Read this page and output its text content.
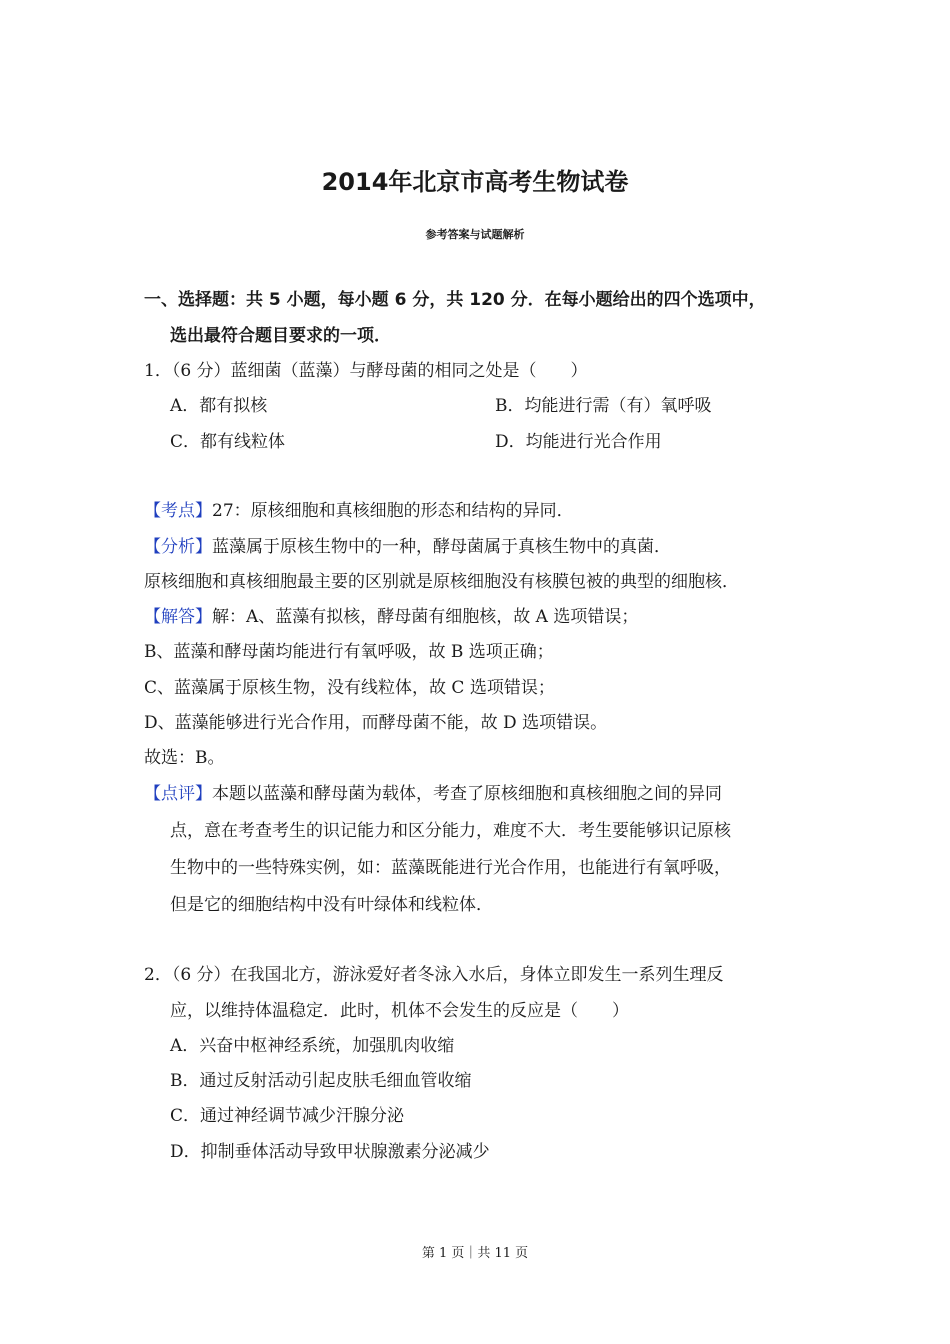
2014年北京市高考生物试卷
参考答案与试题解析
一、选择题：共 5 小题，每小题 6 分，共 120 分．在每小题给出的四个选项中，
选出最符合题目要求的一项．
1．（6 分）蓝细菌（蓝藻）与酵母菌的相同之处是（　　）
A．都有拟核	B．均能进行需（有）氧呼吸
C．都有线粒体	D．均能进行光合作用
【考点】27：原核细胞和真核细胞的形态和结构的异同．
【分析】蓝藻属于原核生物中的一种，酵母菌属于真核生物中的真菌．
原核细胞和真核细胞最主要的区别就是原核细胞没有核膜包被的典型的细胞核．
【解答】解：A、蓝藻有拟核，酵母菌有细胞核，故 A 选项错误；
B、蓝藻和酵母菌均能进行有氧呼吸，故 B 选项正确；
C、蓝藻属于原核生物，没有线粒体，故 C 选项错误；
D、蓝藻能够进行光合作用，而酵母菌不能，故 D 选项错误。
故选：B。
【点评】本题以蓝藻和酵母菌为载体，考查了原核细胞和真核细胞之间的异同
点，意在考查考生的识记能力和区分能力，难度不大．考生要能够识记原核
生物中的一些特殊实例，如：蓝藻既能进行光合作用，也能进行有氧呼吸，
但是它的细胞结构中没有叶绿体和线粒体．
2．（6 分）在我国北方，游泳爱好者冬泳入水后，身体立即发生一系列生理反
应，以维持体温稳定．此时，机体不会发生的反应是（　　）
A．兴奋中枢神经系统，加强肌肉收缩
B．通过反射活动引起皮肤毛细血管收缩
C．通过神经调节减少汗腺分泌
D．抑制垂体活动导致甲状腺激素分泌减少
第 1 页｜共 11 页
